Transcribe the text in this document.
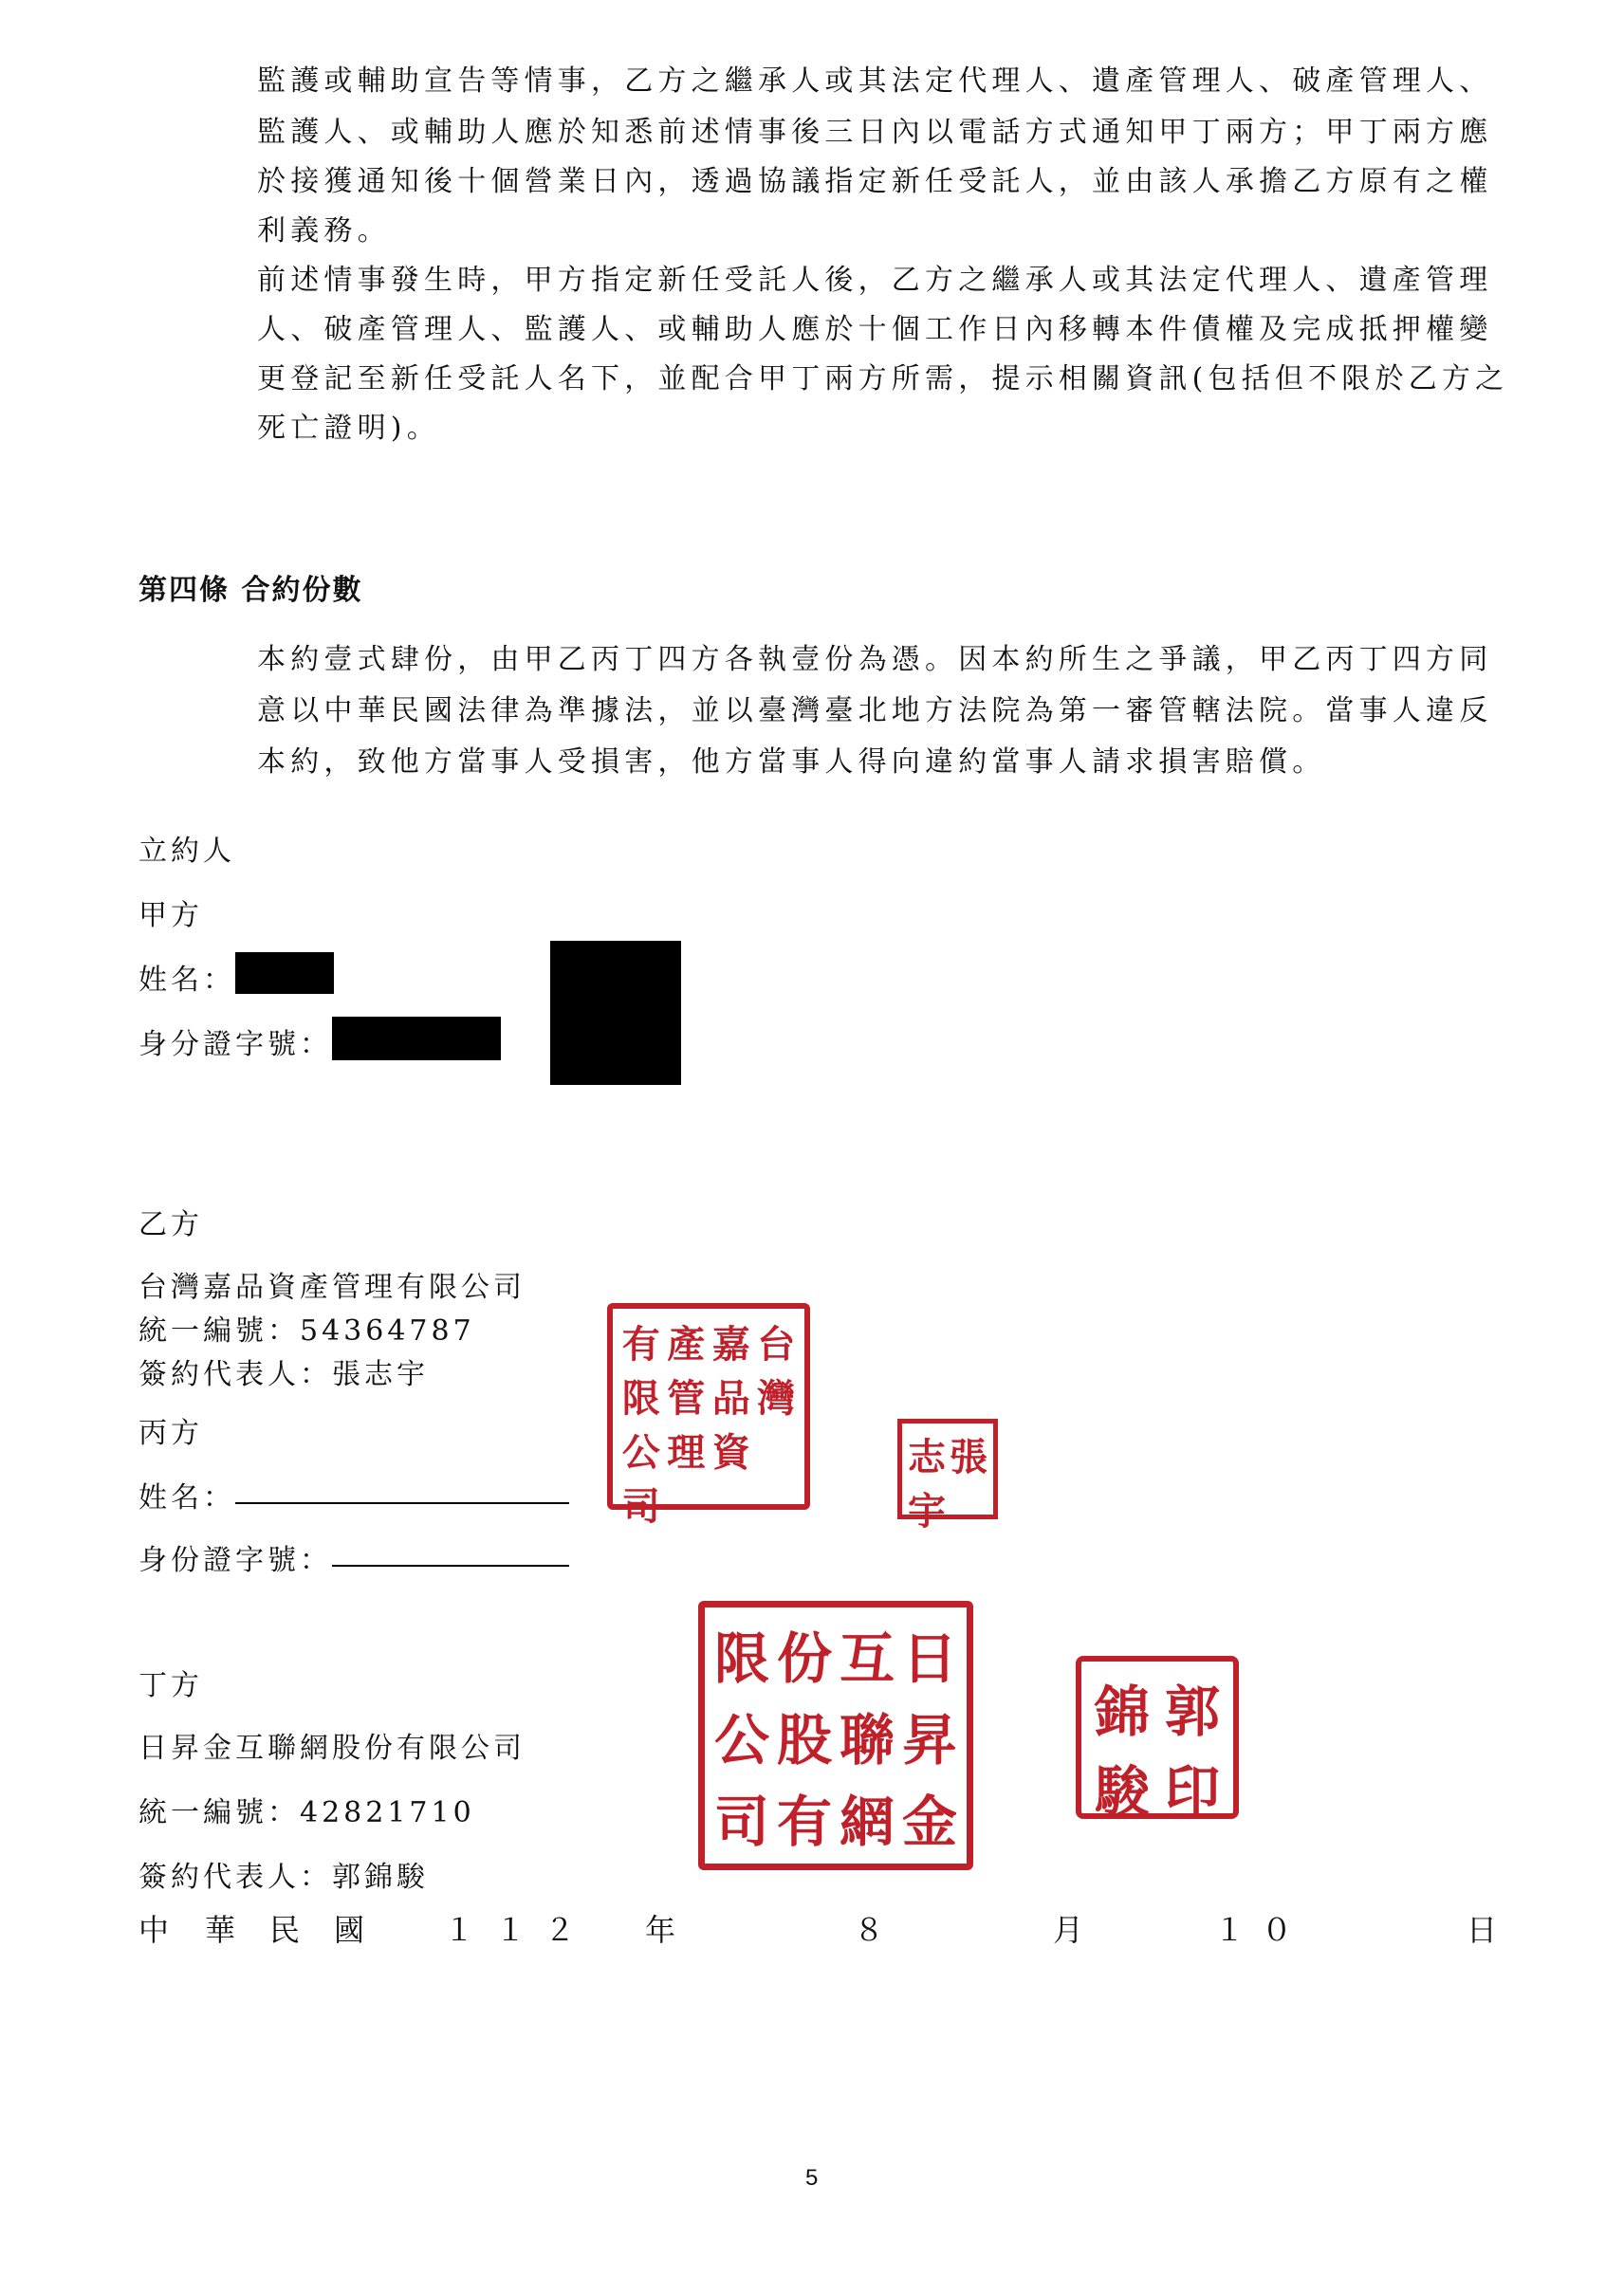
監護或輔助宣告等情事，乙方之繼承人或其法定代理人、遺產管理人、破產管理人、
監護人、或輔助人應於知悉前述情事後三日內以電話方式通知甲丁兩方；甲丁兩方應
於接獲通知後十個營業日內，透過協議指定新任受託人，並由該人承擔乙方原有之權
利義務。
前述情事發生時，甲方指定新任受託人後，乙方之繼承人或其法定代理人、遺產管理
人、破產管理人、監護人、或輔助人應於十個工作日內移轉本件債權及完成抵押權變
更登記至新任受託人名下，並配合甲丁兩方所需，提示相關資訊(包括但不限於乙方之
死亡證明)。
第四條 合約份數
本約壹式肆份，由甲乙丙丁四方各執壹份為憑。因本約所生之爭議，甲乙丙丁四方同
意以中華民國法律為準據法，並以臺灣臺北地方法院為第一審管轄法院。當事人違反
本約，致他方當事人受損害，他方當事人得向違約當事人請求損害賠償。
立約人
甲方
姓名：
身分證字號：
乙方
台灣嘉品資產管理有限公司
統一編號：54364787
簽約代表人：張志宇
有 產 嘉 台
限 管 品 灣
公 理 資
司
志 張
宇
丙方
姓名：
身份證字號：
丁方
日昇金互聯網股份有限公司
統一編號：42821710
簽約代表人：郭錦駿
限 份 互 日
公 股 聯 昇
司 有 網 金
錦 郭
駿 印
中 華 民 國	１ １ ２ 年	８	月	１ ０	日
5
